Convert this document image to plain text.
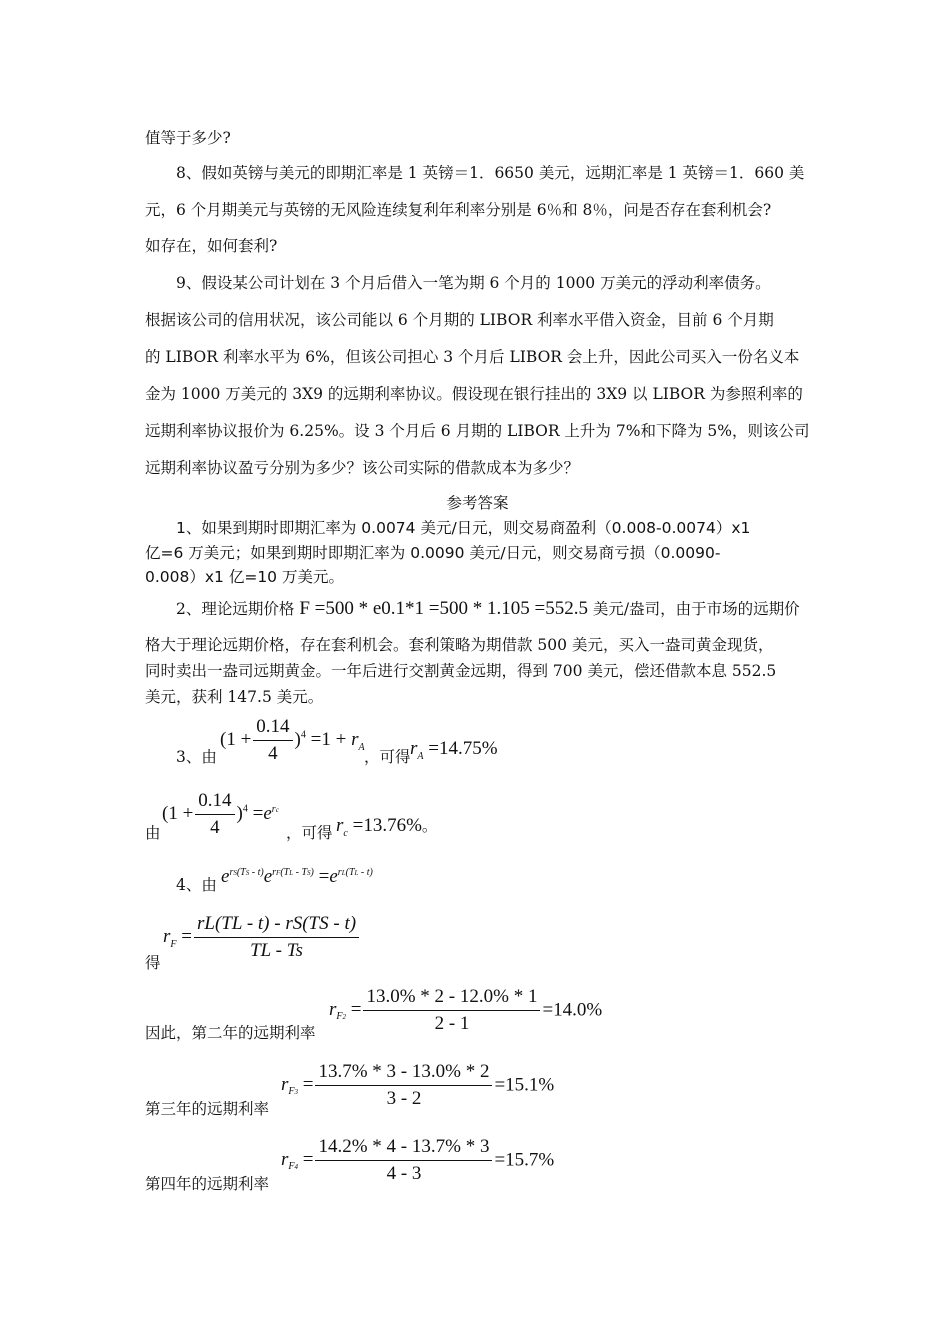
值等于多少?
8、假如英镑与美元的即期汇率是 1 英镑＝1．6650 美元，远期汇率是 1 英镑＝1．660 美
元，6 个月期美元与英镑的无风险连续复利年利率分别是 6％和 8％，问是否存在套利机会?
如存在，如何套利?
9、假设某公司计划在 3 个月后借入一笔为期 6 个月的 1000 万美元的浮动利率债务。
根据该公司的信用状况，该公司能以 6 个月期的 LIBOR 利率水平借入资金，目前 6 个月期
的 LIBOR 利率水平为 6%，但该公司担心 3 个月后 LIBOR 会上升，因此公司买入一份名义本
金为 1000 万美元的 3X9 的远期利率协议。假设现在银行挂出的 3X9 以 LIBOR 为参照利率的
远期利率协议报价为 6.25%。设 3 个月后 6 月期的 LIBOR 上升为 7%和下降为 5%，则该公司
远期利率协议盈亏分别为多少？该公司实际的借款成本为多少？
参考答案
1、如果到期时即期汇率为 0.0074 美元/日元，则交易商盈利（0.008-0.0074）x1
亿=6 万美元；如果到期时即期汇率为 0.0090 美元/日元，则交易商亏损（0.0090-
0.008）x1 亿=10 万美元。
2、理论远期价格 F =500 * e0.1*1 =500 * 1.105 =552.5 美元/盎司，由于市场的远期价
格大于理论远期价格，存在套利机会。套利策略为期借款 500 美元，买入一盎司黄金现货，
同时卖出一盎司远期黄金。一年后进行交割黄金远期，得到 700 美元，偿还借款本息 552.5
美元，获利 147.5 美元。
3、由
$(1 + \frac{0.14}{4} )^4 =1 + r_A$
，可得 $r_A =14.75\%$
由
$(1 + \frac{0.14}{4} )^4 =e^{rc}$
，可得 $r_c =13.76\%$。
4、由 $e^{rS(TS - t)}e^{rF(TL - TS)} =e^{rL(TL - t)}$
得
$r_F = \frac{rL(TL - t) - rS(TS - t)}{TL - Ts}$
因此，第二年的远期利率
$r_{F2} = \frac{13.0\% * 2 - 12.0\% * 1}{2 - 1} =14.0\%$
第三年的远期利率
$r_{F3} = \frac{13.7\% * 3 - 13.0\% * 2}{3 - 2} =15.1\%$
第四年的远期利率
$r_{F4} = \frac{14.2\% * 4 - 13.7\% * 3}{4 - 3} =15.7\%$
